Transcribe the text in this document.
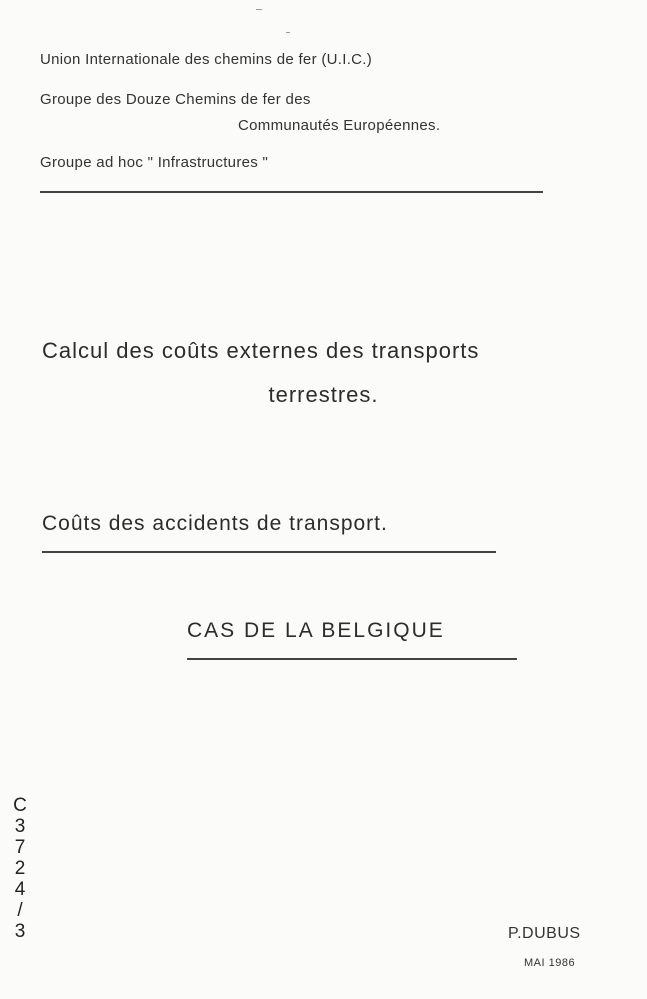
Union Internationale des chemins de fer (U.I.C.)
Groupe des Douze Chemins de fer des
Communautés Européennes.
Groupe ad hoc " Infrastructures "
Calcul des coûts externes des transports
terrestres.
Coûts des accidents de transport.
CAS DE LA BELGIQUE
C
3
7
2
4
/
3	P.DUBUS
MAI 1986
